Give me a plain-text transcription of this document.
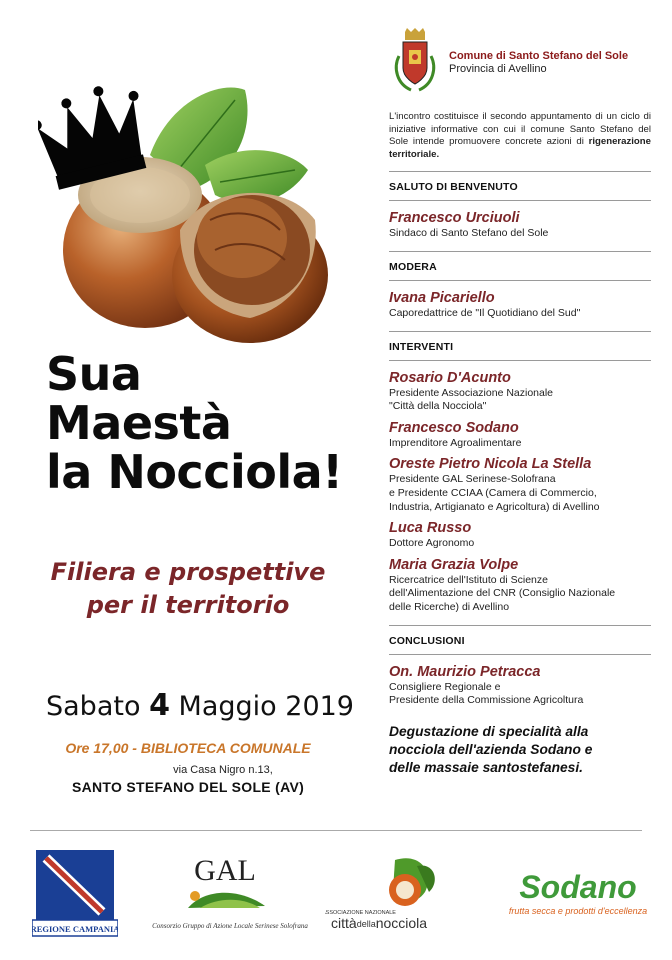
Sua
Maestà
la Nocciola!
Filiera e prospettive
per il territorio
Sabato 4 Maggio 2019
Ore 17,00 - BIBLIOTECA COMUNALE
via Casa Nigro n.13,
SANTO STEFANO DEL SOLE (AV)
Comune di Santo Stefano del Sole
Provincia di Avellino
L'incontro costituisce il secondo appuntamento di un ciclo di iniziative informative con cui il comune Santo Stefano del Sole intende promuovere concrete azioni di rigenerazione territoriale.
SALUTO DI BENVENUTO
Francesco Urciuoli
Sindaco di Santo Stefano del Sole
MODERA
Ivana Picariello
Caporedattrice de "Il Quotidiano del Sud"
INTERVENTI
Rosario D'Acunto
Presidente Associazione Nazionale
"Città della Nocciola"
Francesco Sodano
Imprenditore Agroalimentare
Oreste Pietro Nicola La Stella
Presidente GAL Serinese-Solofrana
e Presidente CCIAA (Camera di Commercio,
Industria, Artigianato e Agricoltura) di Avellino
Luca Russo
Dottore Agronomo
Maria Grazia Volpe
Ricercatrice dell'Istituto di Scienze
dell'Alimentazione del CNR (Consiglio Nazionale
delle Ricerche) di Avellino
CONCLUSIONI
On. Maurizio Petracca
Consigliere Regionale e
Presidente della Commissione Agricoltura
Degustazione di specialità alla
nocciola dell'azienda Sodano e
delle massaie santostefanesi.
REGIONE CAMPANIA
GAL
Consorzio Gruppo di Azione Locale Serinese Solofrana
ASSOCIAZIONE NAZIONALE
cittàdellanocciola
Sodano
frutta secca e prodotti d'eccellenza
